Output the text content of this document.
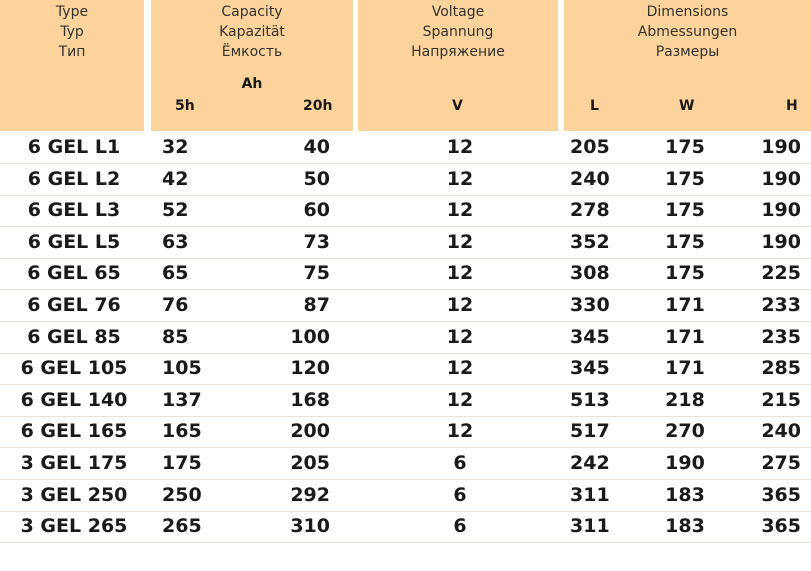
Type
Typ
Тип
Capacity
Kapazität
Ёмкость
Ah
5h	20h
Voltage
Spannung
Напряжение
V
Dimensions
Abmessungen
Размеры
L	W	H
6 GEL L1	32	40	12	205	175	190
6 GEL L2	42	50	12	240	175	190
6 GEL L3	52	60	12	278	175	190
6 GEL L5	63	73	12	352	175	190
6 GEL 65	65	75	12	308	175	225
6 GEL 76	76	87	12	330	171	233
6 GEL 85	85	100	12	345	171	235
6 GEL 105	105	120	12	345	171	285
6 GEL 140	137	168	12	513	218	215
6 GEL 165	165	200	12	517	270	240
3 GEL 175	175	205	6	242	190	275
3 GEL 250	250	292	6	311	183	365
3 GEL 265	265	310	6	311	183	365
